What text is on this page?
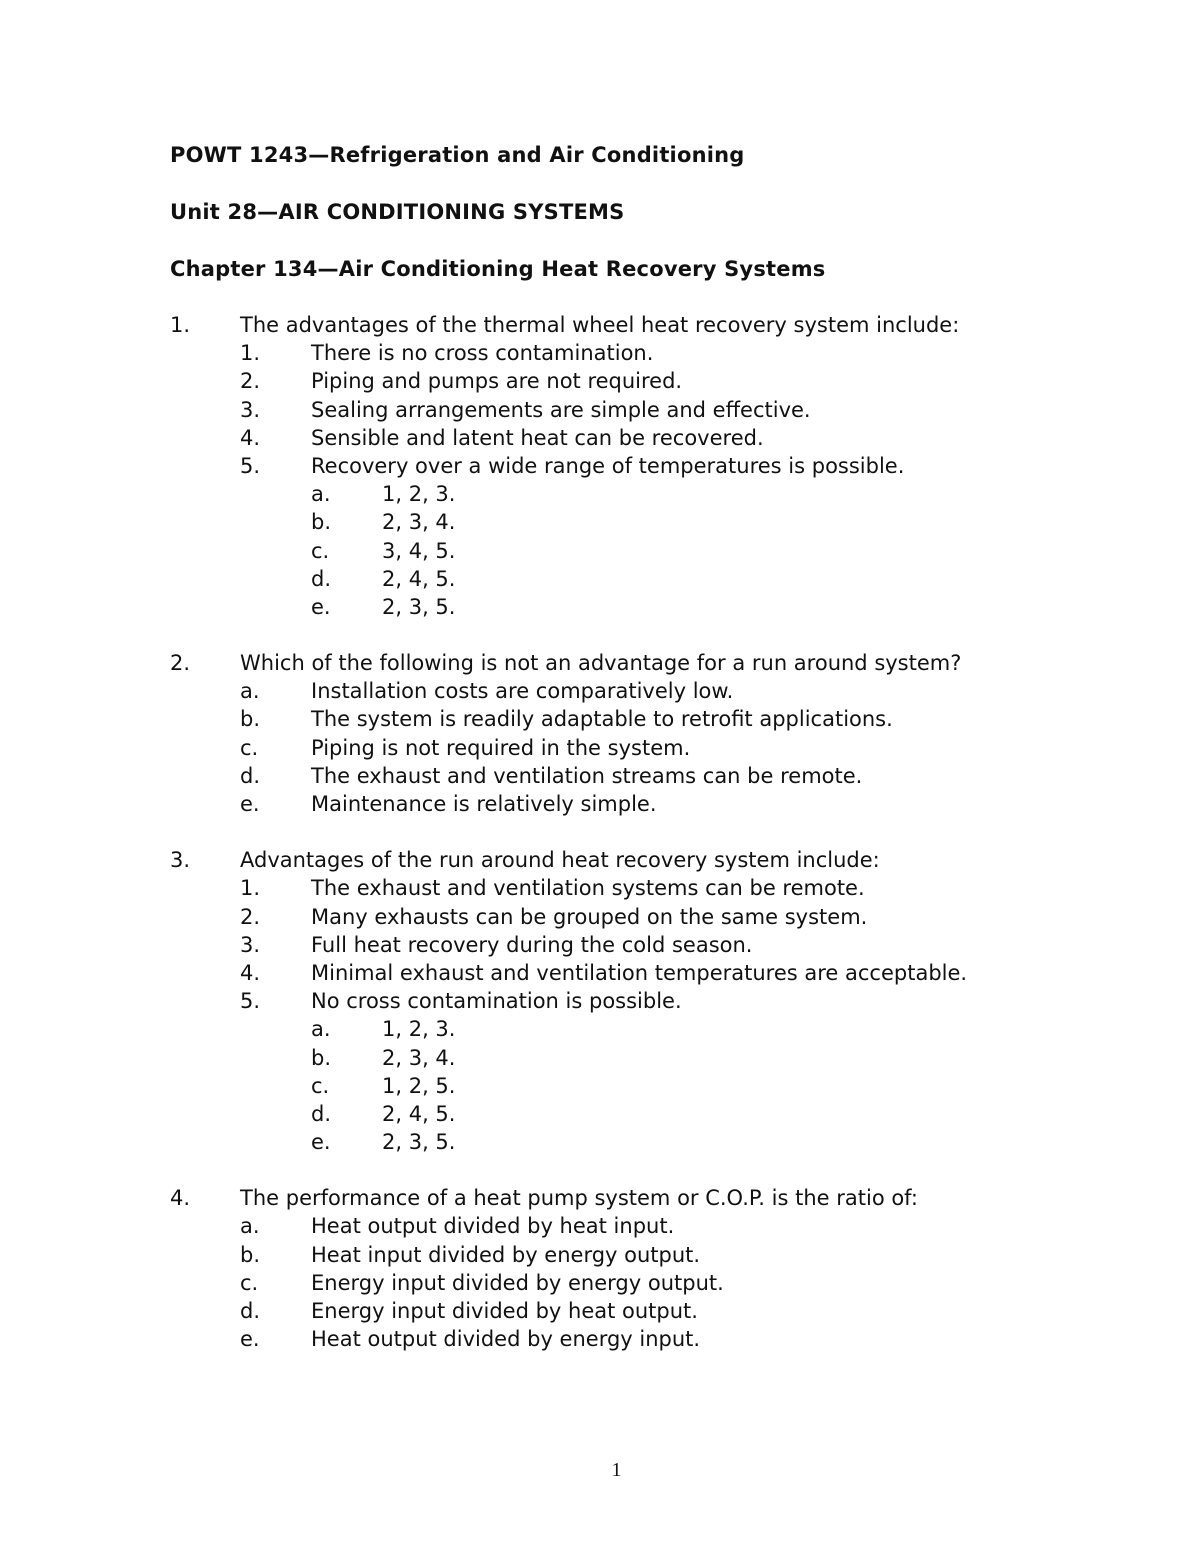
POWT 1243—Refrigeration and Air Conditioning
Unit 28—AIR CONDITIONING SYSTEMS
Chapter 134—Air Conditioning Heat Recovery Systems
1. The advantages of the thermal wheel heat recovery system include:
1. There is no cross contamination.
2. Piping and pumps are not required.
3. Sealing arrangements are simple and effective.
4. Sensible and latent heat can be recovered.
5. Recovery over a wide range of temperatures is possible.
a. 1, 2, 3.
b. 2, 3, 4.
c.	3, 4, 5.
d. 2, 4, 5.
e. 2, 3, 5.
2. Which of the following is not an advantage for a run around system?
a. Installation costs are comparatively low.
b. The system is readily adaptable to retrofit applications.
c.	Piping is not required in the system.
d. The exhaust and ventilation streams can be remote.
e. Maintenance is relatively simple.
3. Advantages of the run around heat recovery system include:
1. The exhaust and ventilation systems can be remote.
2. Many exhausts can be grouped on the same system.
3. Full heat recovery during the cold season.
4. Minimal exhaust and ventilation temperatures are acceptable.
5. No cross contamination is possible.
a. 1, 2, 3.
b. 2, 3, 4.
c.	1, 2, 5.
d. 2, 4, 5.
e. 2, 3, 5.
4. The performance of a heat pump system or C.O.P. is the ratio of:
a. Heat output divided by heat input.
b. Heat input divided by energy output.
c.	Energy input divided by energy output.
d. Energy input divided by heat output.
e. Heat output divided by energy input.
1
